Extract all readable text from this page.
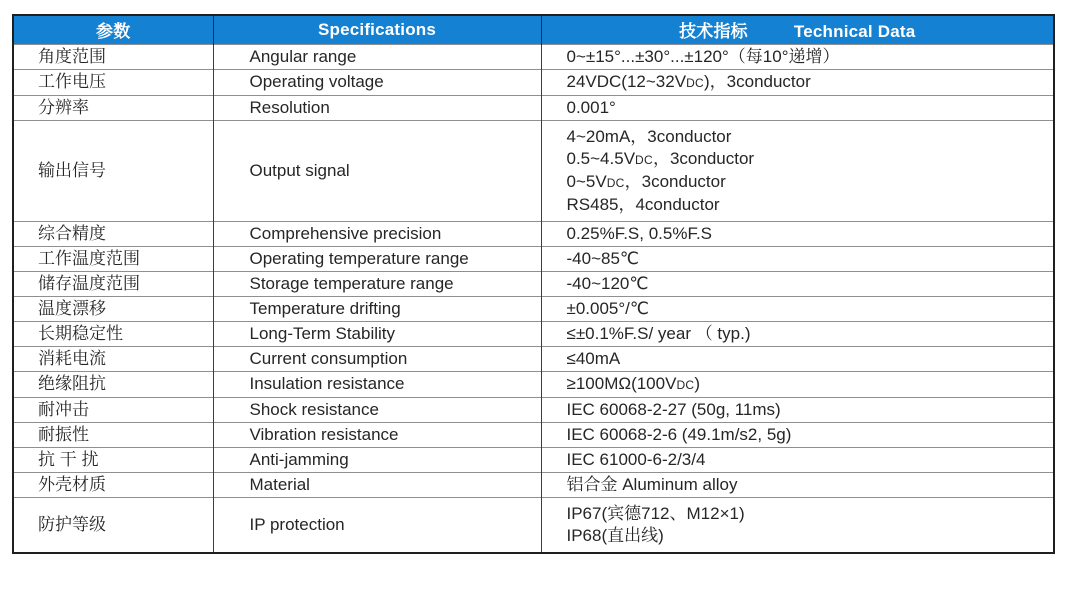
参数	Specifications	技术指标 Technical Data
角度范围	Angular range	0~±15°...±30°...±120°（每10°递增）

工作电压	Operating voltage	24VDC(12~32VDC)，3conductor

分辨率	Resolution	0.001°

输出信号	Output signal	4~20mA，3conductor
0.5~4.5VDC，3conductor
0~5VDC，3conductor
RS485，4conductor

综合精度	Comprehensive precision	0.25%F.S, 0.5%F.S

工作温度范围	Operating temperature range	-40~85℃

储存温度范围	Storage temperature range	-40~120℃

温度漂移	Temperature drifting	±0.005°/℃

长期稳定性	Long-Term Stability	≤±0.1%F.S/ year （ typ.)

消耗电流	Current consumption	≤40mA

绝缘阻抗	Insulation resistance	≥100MΩ(100VDC)

耐冲击	Shock resistance	IEC 60068-2-27 (50g, 11ms)

耐振性	Vibration resistance	IEC 60068-2-6 (49.1m/s2, 5g)

抗 干 扰	Anti-jamming	IEC 61000-6-2/3/4

外壳材质	Material	铝合金 Aluminum alloy

防护等级	IP protection	IP67(宾德712、M12×1)
IP68(直出线)
